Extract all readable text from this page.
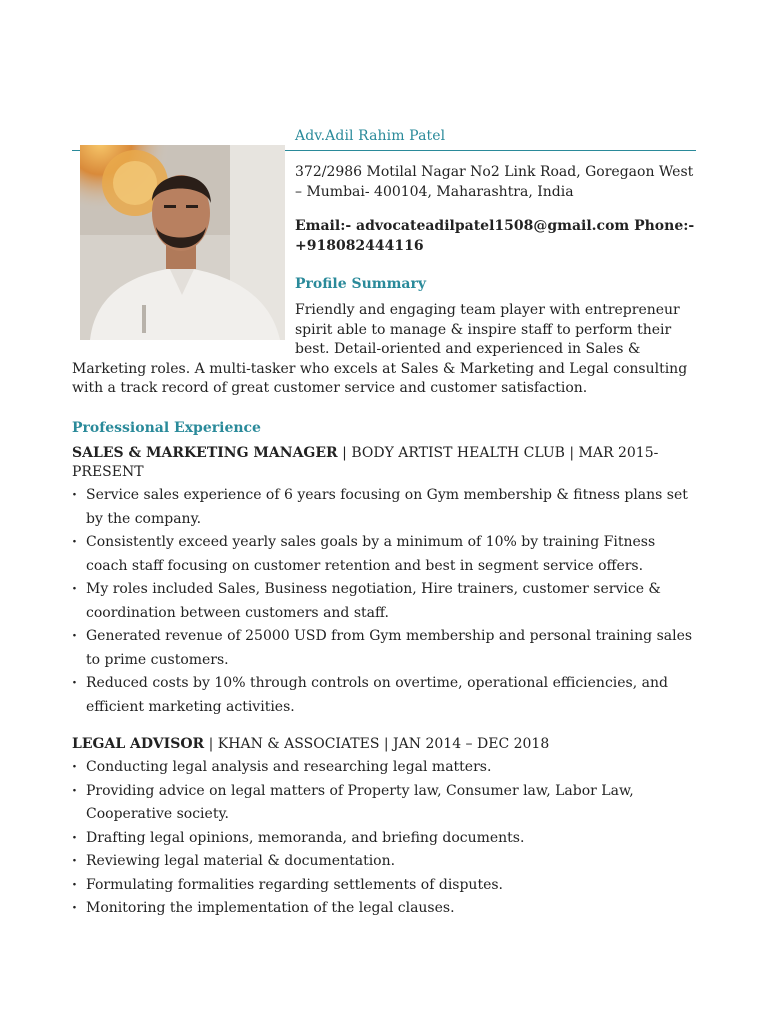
Adv.Adil Rahim Patel
372/2986 Motilal Nagar No2 Link Road, Goregaon West – Mumbai- 400104, Maharashtra, India
Email:- advocateadilpatel1508@gmail.com Phone:- +918082444116
Profile Summary
Friendly and engaging team player with entrepreneur spirit able to manage & inspire staff to perform their best. Detail-oriented and experienced in Sales & Marketing roles. A multi-tasker who excels at Sales & Marketing and Legal consulting with a track record of great customer service and customer satisfaction.
Professional Experience
SALES & MARKETING MANAGER | BODY ARTIST HEALTH CLUB | MAR 2015-PRESENT
· Service sales experience of 6 years focusing on Gym membership & fitness plans set by the company.
· Consistently exceed yearly sales goals by a minimum of 10% by training Fitness coach staff focusing on customer retention and best in segment service offers.
· My roles included Sales, Business negotiation, Hire trainers, customer service & coordination between customers and staff.
· Generated revenue of 25000 USD from Gym membership and personal training sales to prime customers.
· Reduced costs by 10% through controls on overtime, operational efficiencies, and efficient marketing activities.
LEGAL ADVISOR | KHAN & ASSOCIATES | JAN 2014 – DEC 2018
· Conducting legal analysis and researching legal matters.
· Providing advice on legal matters of Property law, Consumer law, Labor Law, Cooperative society.
· Drafting legal opinions, memoranda, and briefing documents.
· Reviewing legal material & documentation.
· Formulating formalities regarding settlements of disputes.
· Monitoring the implementation of the legal clauses.
